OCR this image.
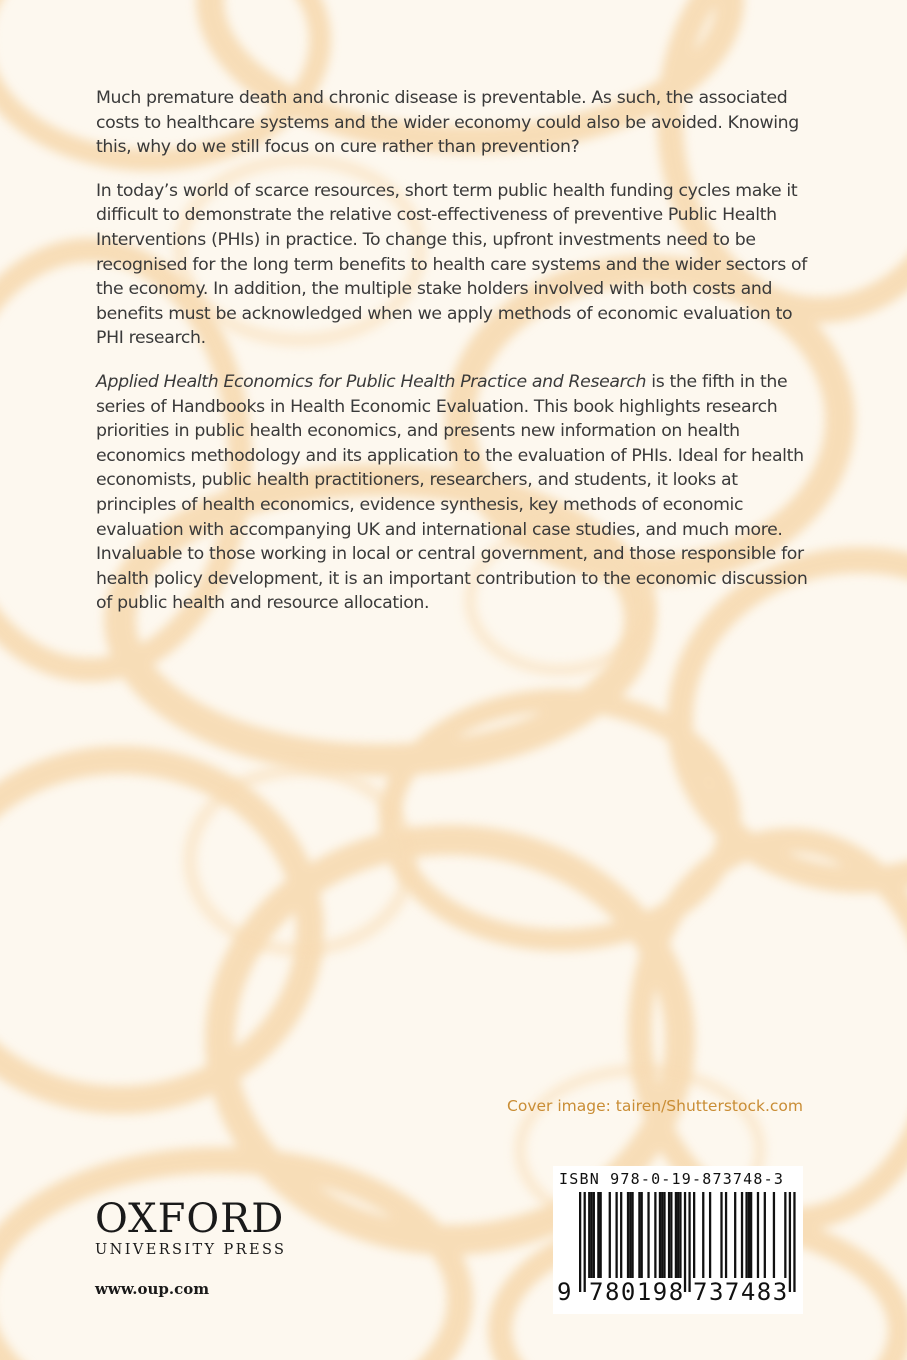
Much premature death and chronic disease is preventable. As such, the associated costs to healthcare systems and the wider economy could also be avoided. Knowing this, why do we still focus on cure rather than prevention?

In today’s world of scarce resources, short term public health funding cycles make it difficult to demonstrate the relative cost-effectiveness of preventive Public Health Interventions (PHIs) in practice. To change this, upfront investments need to be recognised for the long term benefits to health care systems and the wider sectors of the economy. In addition, the multiple stake holders involved with both costs and benefits must be acknowledged when we apply methods of economic evaluation to PHI research.

Applied Health Economics for Public Health Practice and Research is the fifth in the series of Handbooks in Health Economic Evaluation. This book highlights research priorities in public health economics, and presents new information on health economics methodology and its application to the evaluation of PHIs. Ideal for health economists, public health practitioners, researchers, and students, it looks at principles of health economics, evidence synthesis, key methods of economic evaluation with accompanying UK and international case studies, and much more. Invaluable to those working in local or central government, and those responsible for health policy development, it is an important contribution to the economic discussion of public health and resource allocation.

Cover image: tairen/Shutterstock.com
OXFORD
UNIVERSITY PRESS
www.oup.com
ISBN 978-0-19-873748-3
9 780198 737483
